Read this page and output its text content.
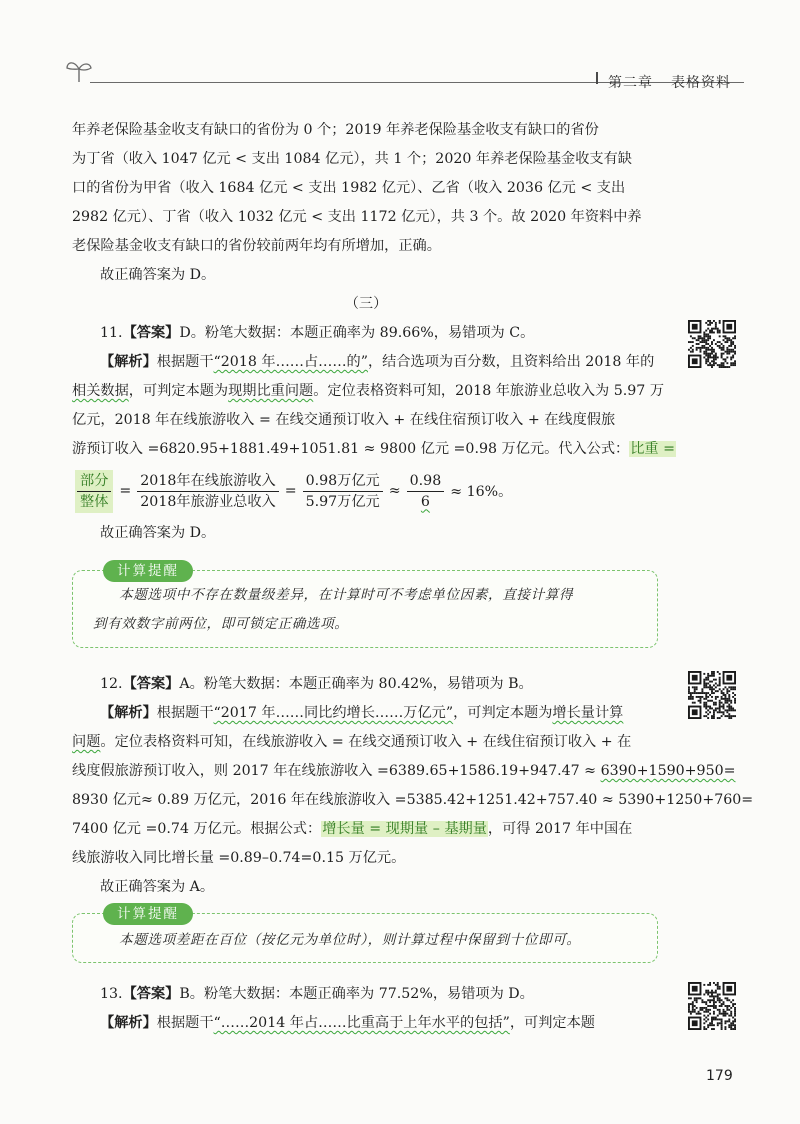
第二章 表格资料
年养老保险基金收支有缺口的省份为 0 个；2019 年养老保险基金收支有缺口的省份
为丁省（收入 1047 亿元 < 支出 1084 亿元），共 1 个；2020 年养老保险基金收支有缺
口的省份为甲省（收入 1684 亿元 < 支出 1982 亿元）、乙省（收入 2036 亿元 < 支出
2982 亿元）、丁省（收入 1032 亿元 < 支出 1172 亿元），共 3 个。故 2020 年资料中养
老保险基金收支有缺口的省份较前两年均有所增加，正确。
故正确答案为 D。
（三）
11.【答案】D。粉笔大数据：本题正确率为 89.66%，易错项为 C。
【解析】根据题干“2018 年……占……的”，结合选项为百分数，且资料给出 2018 年的
相关数据，可判定本题为现期比重问题。定位表格资料可知，2018 年旅游业总收入为 5.97 万
亿元，2018 年在线旅游收入 = 在线交通预订收入 + 在线住宿预订收入 + 在线度假旅
游预订收入 =6820.95+1881.49+1051.81 ≈ 9800 亿元 =0.98 万亿元。代入公式：比重 =
$\frac{\text{部分}}{\text{整体}} = \frac{\text{2018年在线旅游收入}}{\text{2018年旅游业总收入}} = \frac{\text{0.98万亿元}}{\text{5.97万亿元}} \approx \frac{0.98}{6} \approx 16\%$。
故正确答案为 D。
计算提醒
本题选项中不存在数量级差异，在计算时可不考虑单位因素，直接计算得
到有效数字前两位，即可锁定正确选项。
12.【答案】A。粉笔大数据：本题正确率为 80.42%，易错项为 B。
【解析】根据题干“2017 年……同比约增长……万亿元”，可判定本题为增长量计算
问题。定位表格资料可知，在线旅游收入 = 在线交通预订收入 + 在线住宿预订收入 + 在
线度假旅游预订收入，则 2017 年在线旅游收入 =6389.65+1586.19+947.47 ≈ 6390+1590+950=
8930 亿元≈ 0.89 万亿元，2016 年在线旅游收入 =5385.42+1251.42+757.40 ≈ 5390+1250+760=
7400 亿元 =0.74 万亿元。根据公式：增长量 = 现期量 – 基期量，可得 2017 年中国在
线旅游收入同比增长量 =0.89–0.74=0.15 万亿元。
故正确答案为 A。
计算提醒
本题选项差距在百位（按亿元为单位时），则计算过程中保留到十位即可。
13.【答案】B。粉笔大数据：本题正确率为 77.52%，易错项为 D。
【解析】根据题干“……2014 年占……比重高于上年水平的包括”，可判定本题
179
